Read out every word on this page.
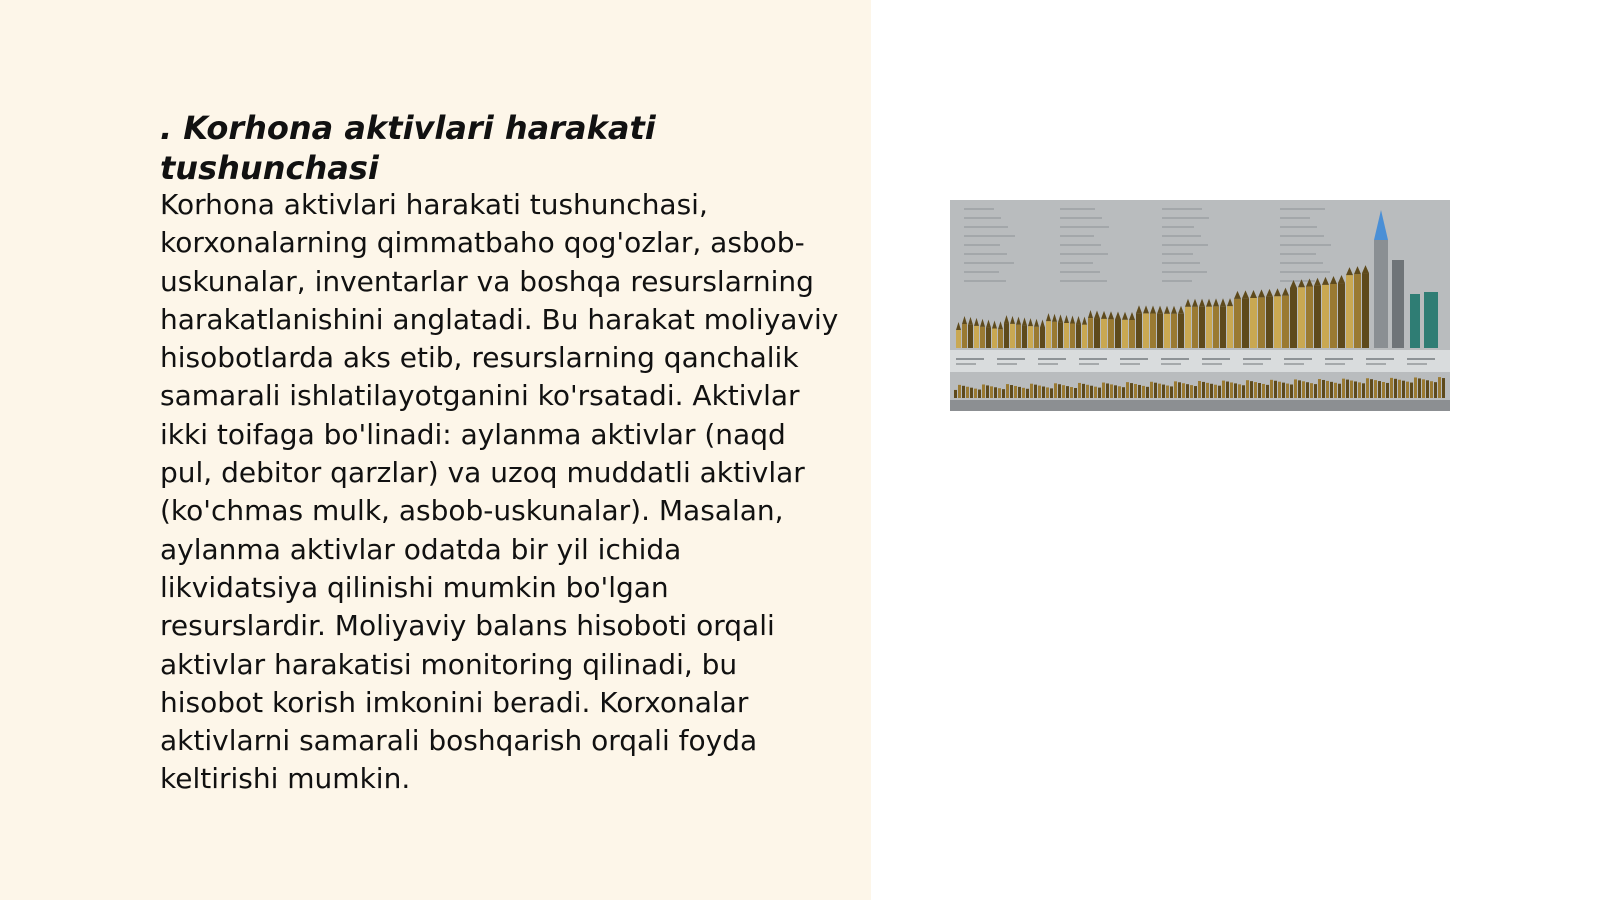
. Korhona aktivlari harakati tushunchasi

Korhona aktivlari harakati tushunchasi, korxonalarning qimmatbaho qog'ozlar, asbob-uskunalar, inventarlar va boshqa resurslarning harakatlanishini anglatadi. Bu harakat moliyaviy hisobotlarda aks etib, resurslarning qanchalik samarali ishlatilayotganini ko'rsatadi. Aktivlar ikki toifaga bo'linadi: aylanma aktivlar (naqd pul, debitor qarzlar) va uzoq muddatli aktivlar (ko'chmas mulk, asbob-uskunalar). Masalan, aylanma aktivlar odatda bir yil ichida likvidatsiya qilinishi mumkin bo'lgan resurslardir. Moliyaviy balans hisoboti orqali aktivlar harakatisi monitoring qilinadi, bu hisobot korish imkonini beradi. Korxonalar aktivlarni samarali boshqarish orqali foyda keltirishi mumkin.
